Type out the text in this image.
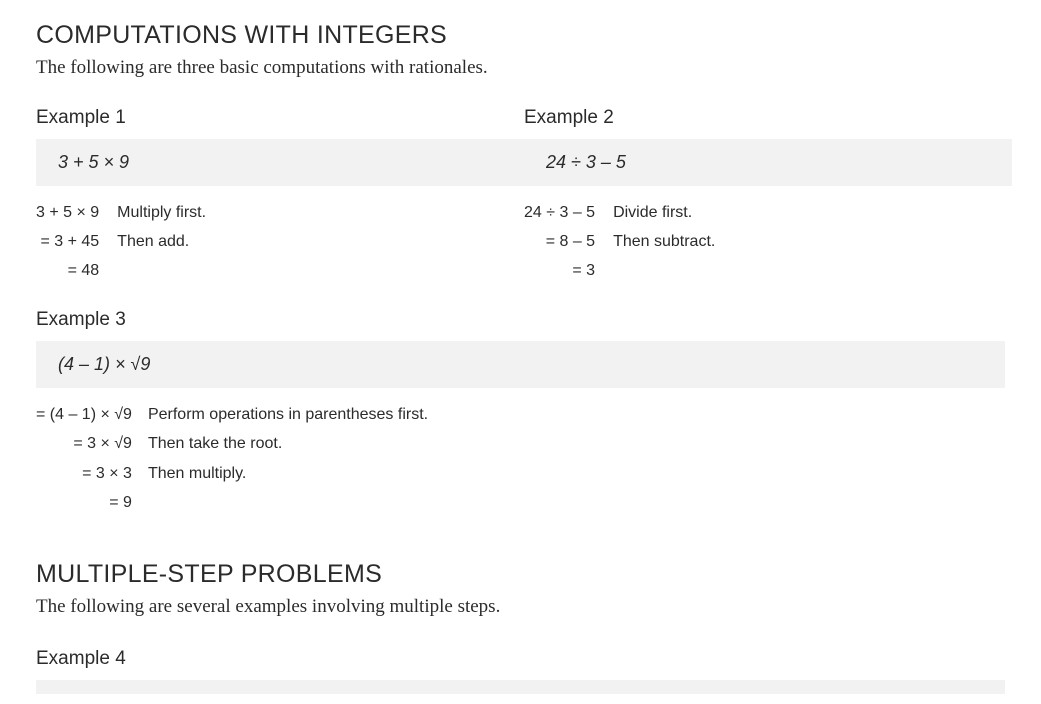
COMPUTATIONS WITH INTEGERS

The following are three basic computations with rationales.

Example 1
3 + 5 × 9
3 + 5 × 9	Multiply first.
= 3 + 45	Then add.
= 48	
Example 2
24 ÷ 3 – 5
24 ÷ 3 – 5	Divide first.
= 8 – 5	Then subtract.
= 3	
Example 3
(4 – 1) × √9
= (4 – 1) × √9	Perform operations in parentheses first.
= 3 × √9	Then take the root.
= 3 × 3	Then multiply.
= 9	
MULTIPLE-STEP PROBLEMS

The following are several examples involving multiple steps.

Example 4
